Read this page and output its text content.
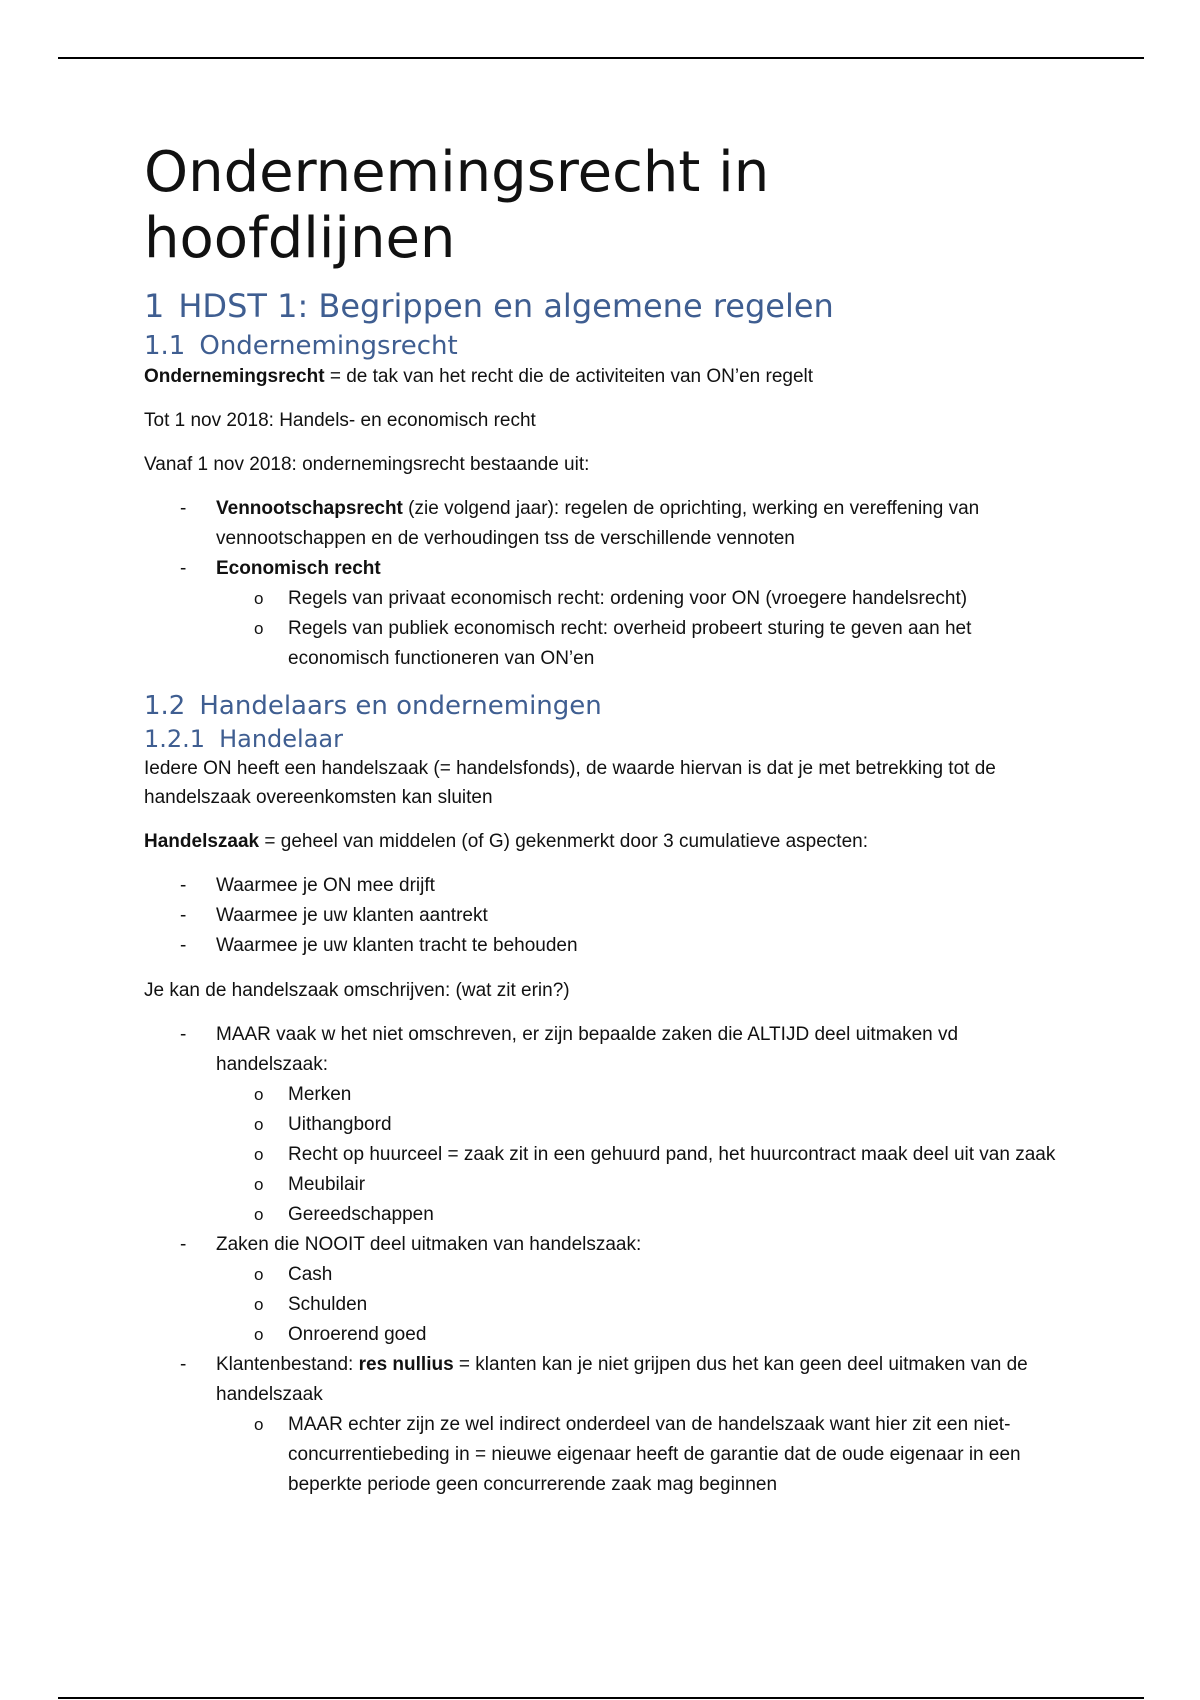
Ondernemingsrecht in hoofdlijnen
1 HDST 1: Begrippen en algemene regelen
1.1 Ondernemingsrecht

Ondernemingsrecht = de tak van het recht die de activiteiten van ON’en regelt

Tot 1 nov 2018: Handels- en economisch recht

Vanaf 1 nov 2018: ondernemingsrecht bestaande uit:

- Vennootschapsrecht (zie volgend jaar): regelen de oprichting, werking en vereffening van vennootschappen en de verhoudingen tss de verschillende vennoten
- Economisch recht
o Regels van privaat economisch recht: ordening voor ON (vroegere handelsrecht)
o Regels van publiek economisch recht: overheid probeert sturing te geven aan het economisch functioneren van ON’en
1.2 Handelaars en ondernemingen
1.2.1 Handelaar

Iedere ON heeft een handelszaak (= handelsfonds), de waarde hiervan is dat je met betrekking tot de handelszaak overeenkomsten kan sluiten

Handelszaak = geheel van middelen (of G) gekenmerkt door 3 cumulatieve aspecten:

- Waarmee je ON mee drijft
- Waarmee je uw klanten aantrekt
- Waarmee je uw klanten tracht te behouden

Je kan de handelszaak omschrijven: (wat zit erin?)

- MAAR vaak w het niet omschreven, er zijn bepaalde zaken die ALTIJD deel uitmaken vd handelszaak:
o Merken
o Uithangbord
o Recht op huurceel = zaak zit in een gehuurd pand, het huurcontract maak deel uit van zaak
o Meubilair
o Gereedschappen
- Zaken die NOOIT deel uitmaken van handelszaak:
o Cash
o Schulden
o Onroerend goed
- Klantenbestand: res nullius = klanten kan je niet grijpen dus het kan geen deel uitmaken van de handelszaak
o MAAR echter zijn ze wel indirect onderdeel van de handelszaak want hier zit een niet-concurrentiebeding in = nieuwe eigenaar heeft de garantie dat de oude eigenaar in een beperkte periode geen concurrerende zaak mag beginnen
